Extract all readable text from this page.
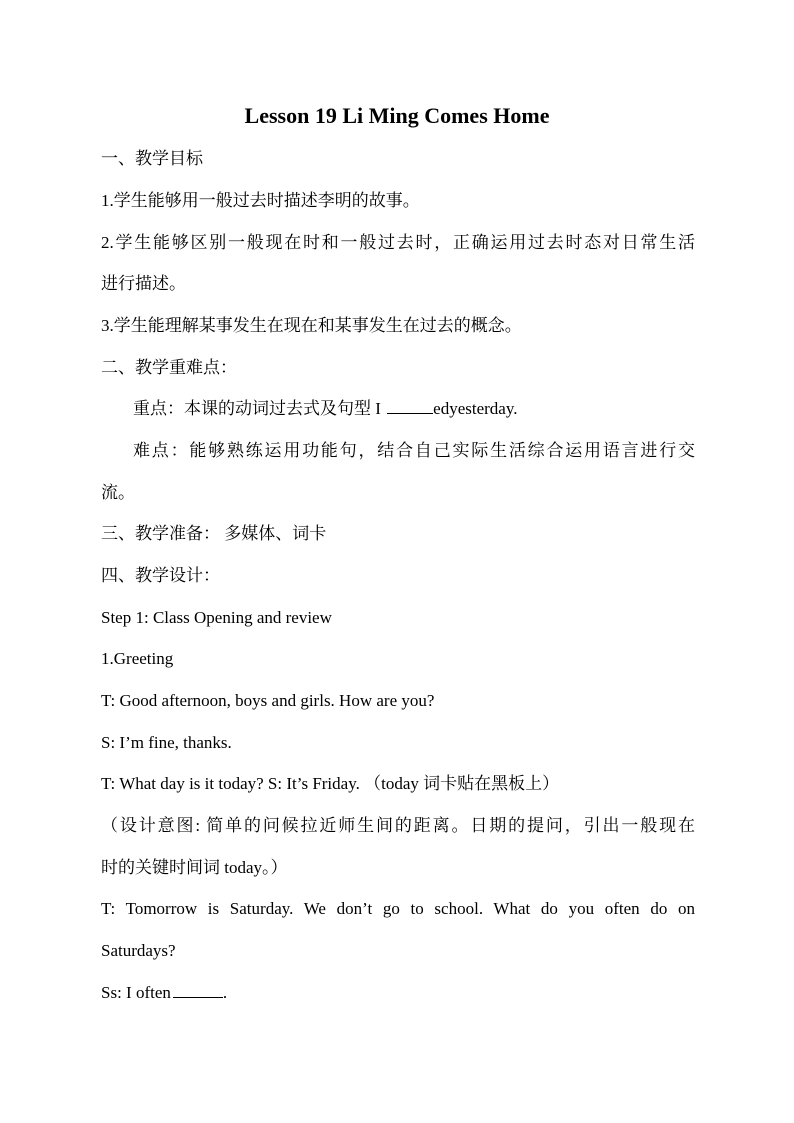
Lesson 19 Li Ming Comes Home
一、教学目标
1.学生能够用一般过去时描述李明的故事。
2.学生能够区别一般现在时和一般过去时，正确运用过去时态对日常生活
进行描述。
3.学生能理解某事发生在现在和某事发生在过去的概念。
二、教学重难点：
重点：本课的动词过去式及句型 I	edyesterday.
难点：能够熟练运用功能句，结合自己实际生活综合运用语言进行交
流。
三、教学准备： 多媒体、词卡
四、教学设计：
Step 1: Class Opening and review
1.Greeting
T: Good afternoon, boys and girls. How are you?
S: I’m fine, thanks.
T: What day is it today? S: It’s Friday. （today 词卡贴在黑板上）
（设计意图: 简单的问候拉近师生间的距离。日期的提问，引出一般现在
时的关键时间词 today。）
T: Tomorrow is Saturday. We don’t go to school. What do you often do on
Saturdays?
Ss: I often	.
